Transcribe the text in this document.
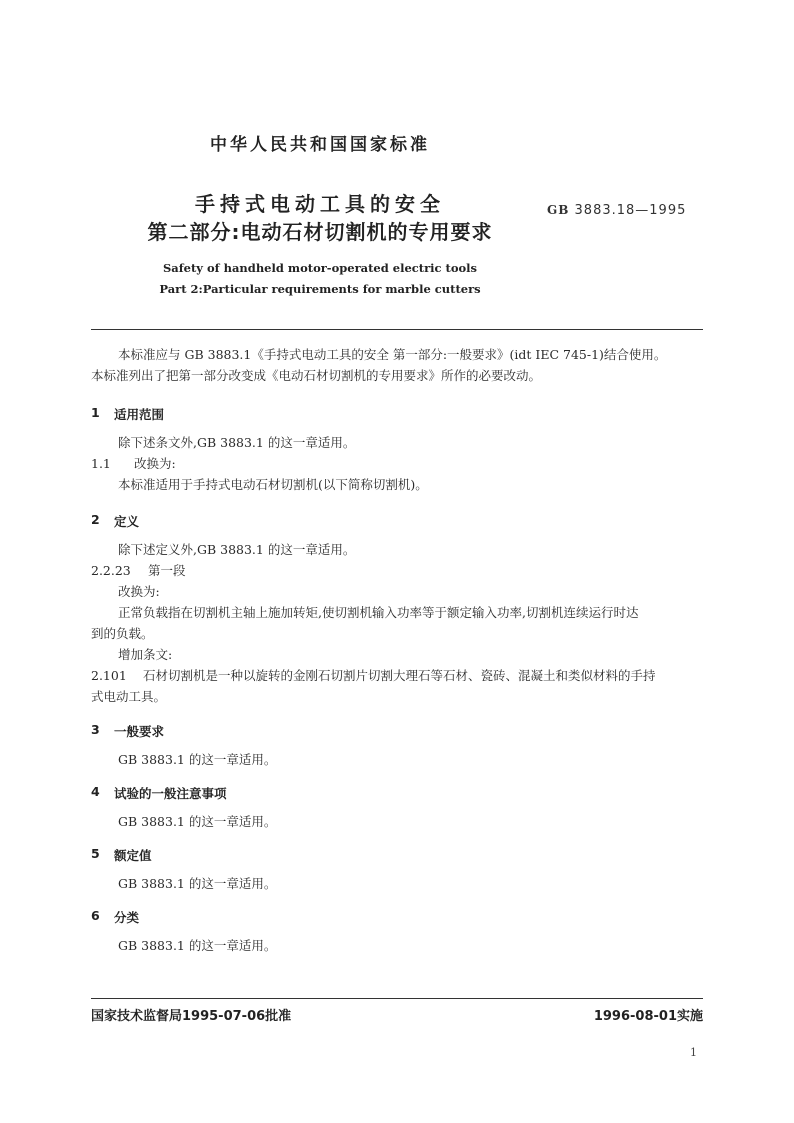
中华人民共和国国家标准
手持式电动工具的安全
第二部分:电动石材切割机的专用要求
GB 3883.18—1995
Safety of handheld motor-operated electric tools
Part 2:Particular requirements for marble cutters
本标准应与 GB 3883.1《手持式电动工具的安全 第一部分:一般要求》(idt IEC 745-1)结合使用。
本标准列出了把第一部分改变成《电动石材切割机的专用要求》所作的必要改动。
1 适用范围
除下述条文外,GB 3883.1 的这一章适用。
1.1 改换为:
本标准适用于手持式电动石材切割机(以下简称切割机)。
2 定义
除下述定义外,GB 3883.1 的这一章适用。
2.2.23 第一段
改换为:
正常负载指在切割机主轴上施加转矩,使切割机输入功率等于额定输入功率,切割机连续运行时达
到的负载。
增加条文:
2.101 石材切割机是一种以旋转的金刚石切割片切割大理石等石材、瓷砖、混凝土和类似材料的手持
式电动工具。
3 一般要求
GB 3883.1 的这一章适用。
4 试验的一般注意事项
GB 3883.1 的这一章适用。
5 额定值
GB 3883.1 的这一章适用。
6 分类
GB 3883.1 的这一章适用。
国家技术监督局1995-07-06批准	1996-08-01实施
1
